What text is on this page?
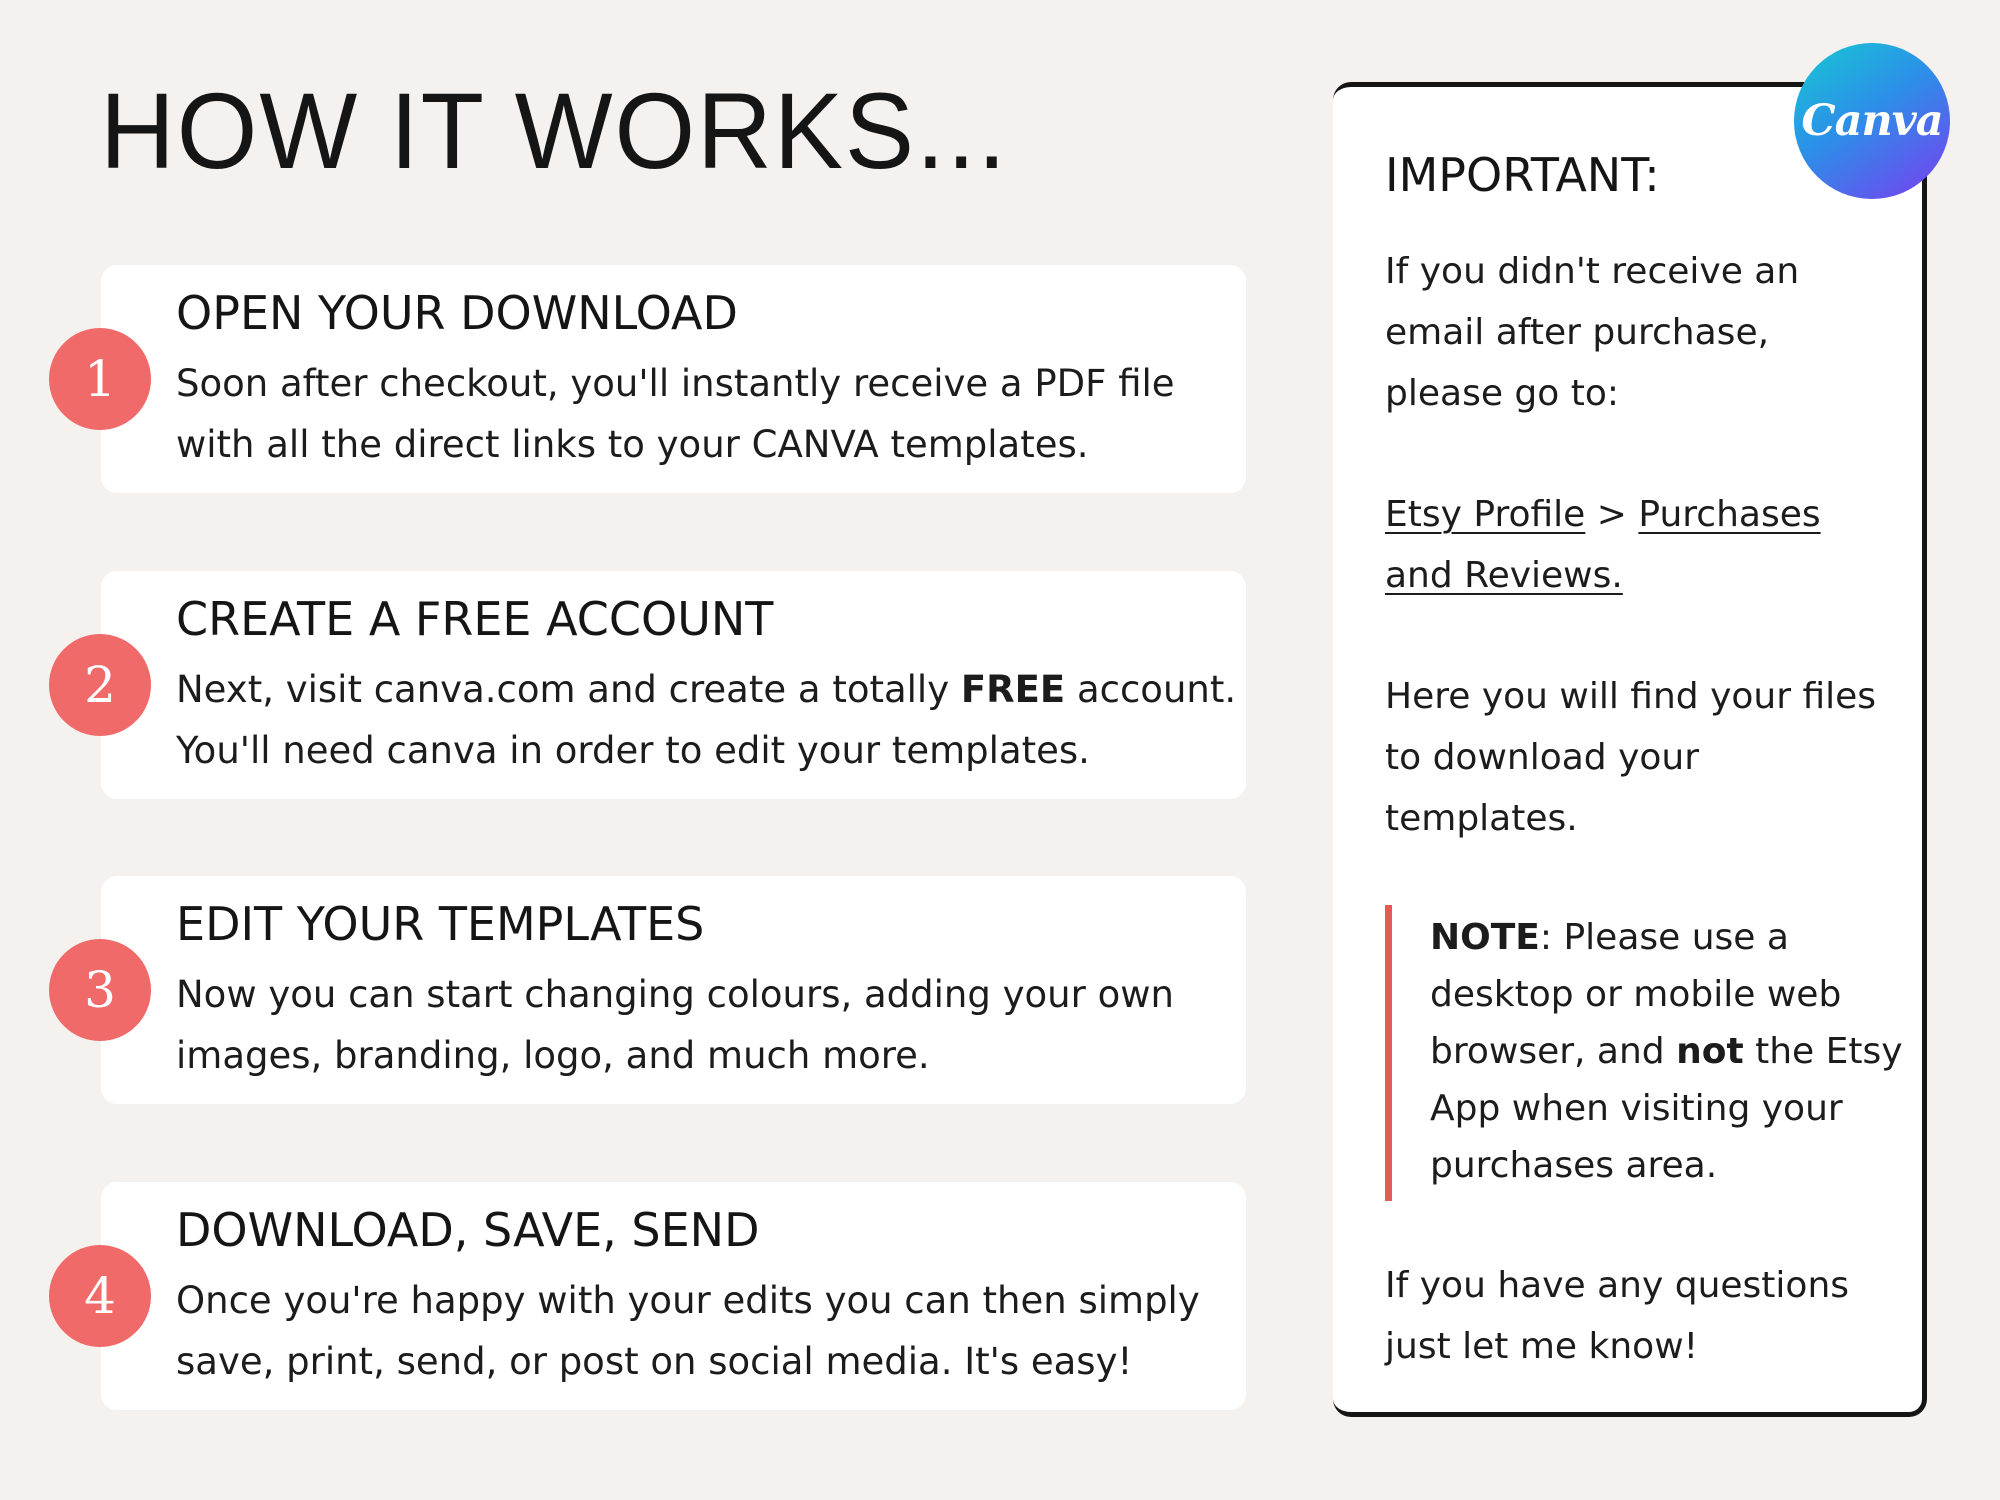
HOW IT WORKS...
1
OPEN YOUR DOWNLOAD

Soon after checkout, you'll instantly receive a PDF file
with all the direct links to your CANVA templates.

2
CREATE A FREE ACCOUNT

Next, visit canva.com and create a totally FREE account.
You'll need canva in order to edit your templates.

3
EDIT YOUR TEMPLATES

Now you can start changing colours, adding your own
images, branding, logo, and much more.

4
DOWNLOAD, SAVE, SEND

Once you're happy with your edits you can then simply
save, print, send, or post on social media. It's easy!

Canva
IMPORTANT:

If you didn't receive an
email after purchase,
please go to:

Etsy Profile > Purchases
and Reviews.

Here you will find your files
to download your
templates.

NOTE: Please use a
desktop or mobile web
browser, and not the Etsy
App when visiting your
purchases area.

If you have any questions
just let me know!
